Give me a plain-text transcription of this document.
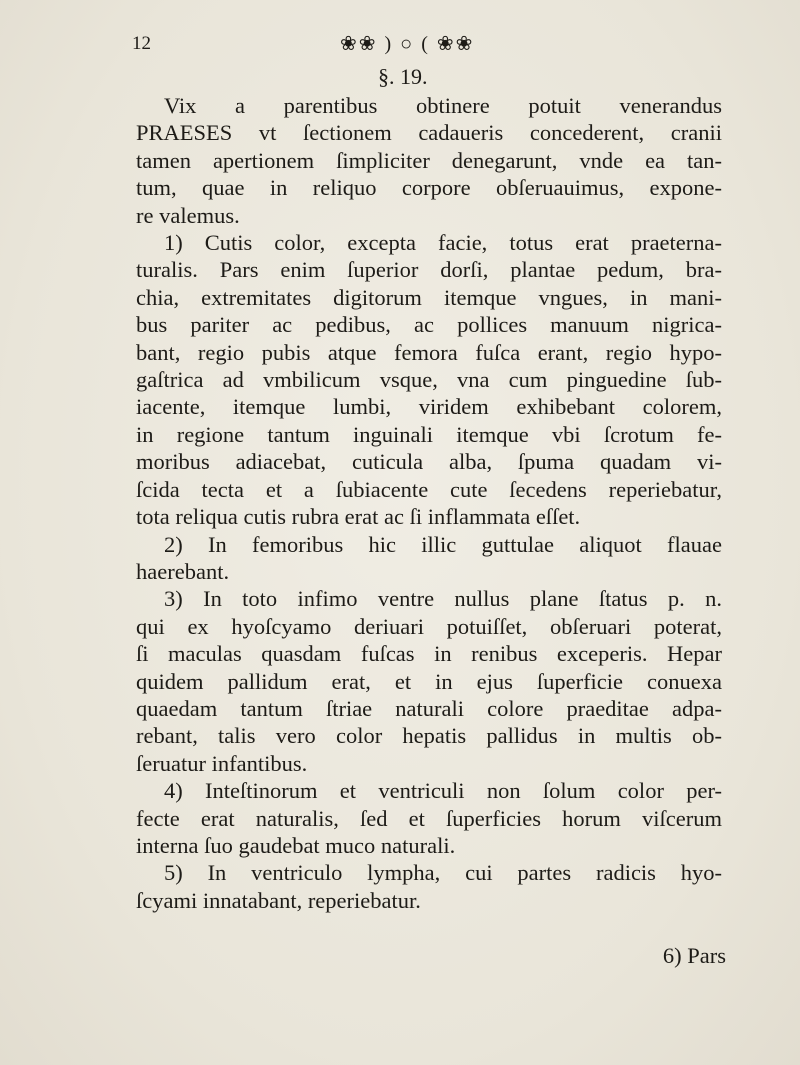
12	❀❀ ) ○ ( ❀❀
§. 19.

Vix a parentibus obtinere potuit venerandus
PRAESES vt ſectionem cadaueris concederent, cranii
tamen apertionem ſimpliciter denegarunt, vnde ea tan-
tum, quae in reliquo corpore obſeruauimus, expone-
re valemus.

1) Cutis color, excepta facie, totus erat praeterna-
turalis. Pars enim ſuperior dorſi, plantae pedum, bra-
chia, extremitates digitorum itemque vngues, in mani-
bus pariter ac pedibus, ac pollices manuum nigrica-
bant, regio pubis atque femora fuſca erant, regio hypo-
gaſtrica ad vmbilicum vsque, vna cum pinguedine ſub-
iacente, itemque lumbi, viridem exhibebant colorem,
in regione tantum inguinali itemque vbi ſcrotum fe-
moribus adiacebat, cuticula alba, ſpuma quadam vi-
ſcida tecta et a ſubiacente cute ſecedens reperiebatur,
tota reliqua cutis rubra erat ac ſi inflammata eſſet.

2) In femoribus hic illic guttulae aliquot flauae
haerebant.

3) In toto infimo ventre nullus plane ſtatus p. n.
qui ex hyoſcyamo deriuari potuiſſet, obſeruari poterat,
ſi maculas quasdam fuſcas in renibus exceperis. Hepar
quidem pallidum erat, et in ejus ſuperficie conuexa
quaedam tantum ſtriae naturali colore praeditae adpa-
rebant, talis vero color hepatis pallidus in multis ob-
ſeruatur infantibus.

4) Inteſtinorum et ventriculi non ſolum color per-
fecte erat naturalis, ſed et ſuperficies horum viſcerum
interna ſuo gaudebat muco naturali.

5) In ventriculo lympha, cui partes radicis hyo-
ſcyami innatabant, reperiebatur.

6) Pars
